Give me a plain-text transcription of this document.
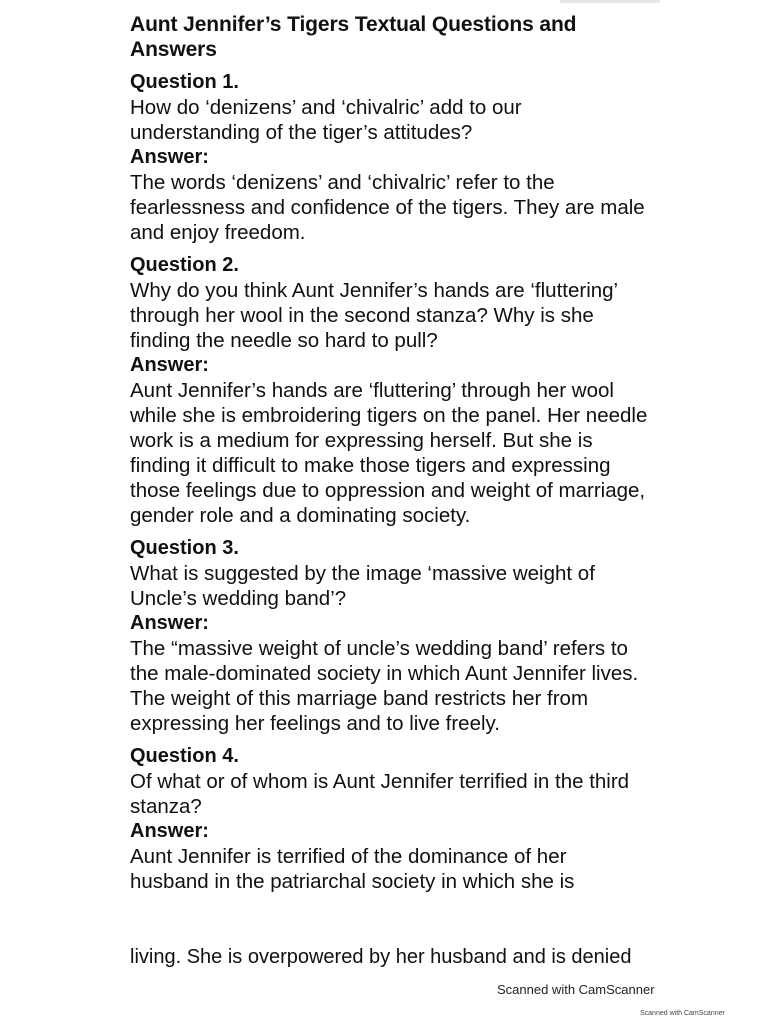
Aunt Jennifer’s Tigers Textual Questions and Answers
Question 1.
How do ‘denizens’ and ‘chivalric’ add to our understanding of the tiger’s attitudes?
Answer:
The words ‘denizens’ and ‘chivalric’ refer to the fearlessness and confidence of the tigers. They are male and enjoy freedom.
Question 2.
Why do you think Aunt Jennifer’s hands are ‘fluttering’ through her wool in the second stanza? Why is she finding the needle so hard to pull?
Answer:
Aunt Jennifer’s hands are ‘fluttering’ through her wool while she is embroidering tigers on the panel. Her needle work is a medium for expressing herself. But she is finding it difficult to make those tigers and expressing those feelings due to oppression and weight of marriage, gender role and a dominating society.
Question 3.
What is suggested by the image ‘massive weight of Uncle’s wedding band’?
Answer:
The “massive weight of uncle’s wedding band’ refers to the male-dominated society in which Aunt Jennifer lives. The weight of this marriage band restricts her from expressing her feelings and to live freely.
Question 4.
Of what or of whom is Aunt Jennifer terrified in the third stanza?
Answer:
Aunt Jennifer is terrified of the dominance of her husband in the patriarchal society in which she is
living. She is overpowered by her husband and is denied
Scanned with CamScanner
Scanned with CamScanner
